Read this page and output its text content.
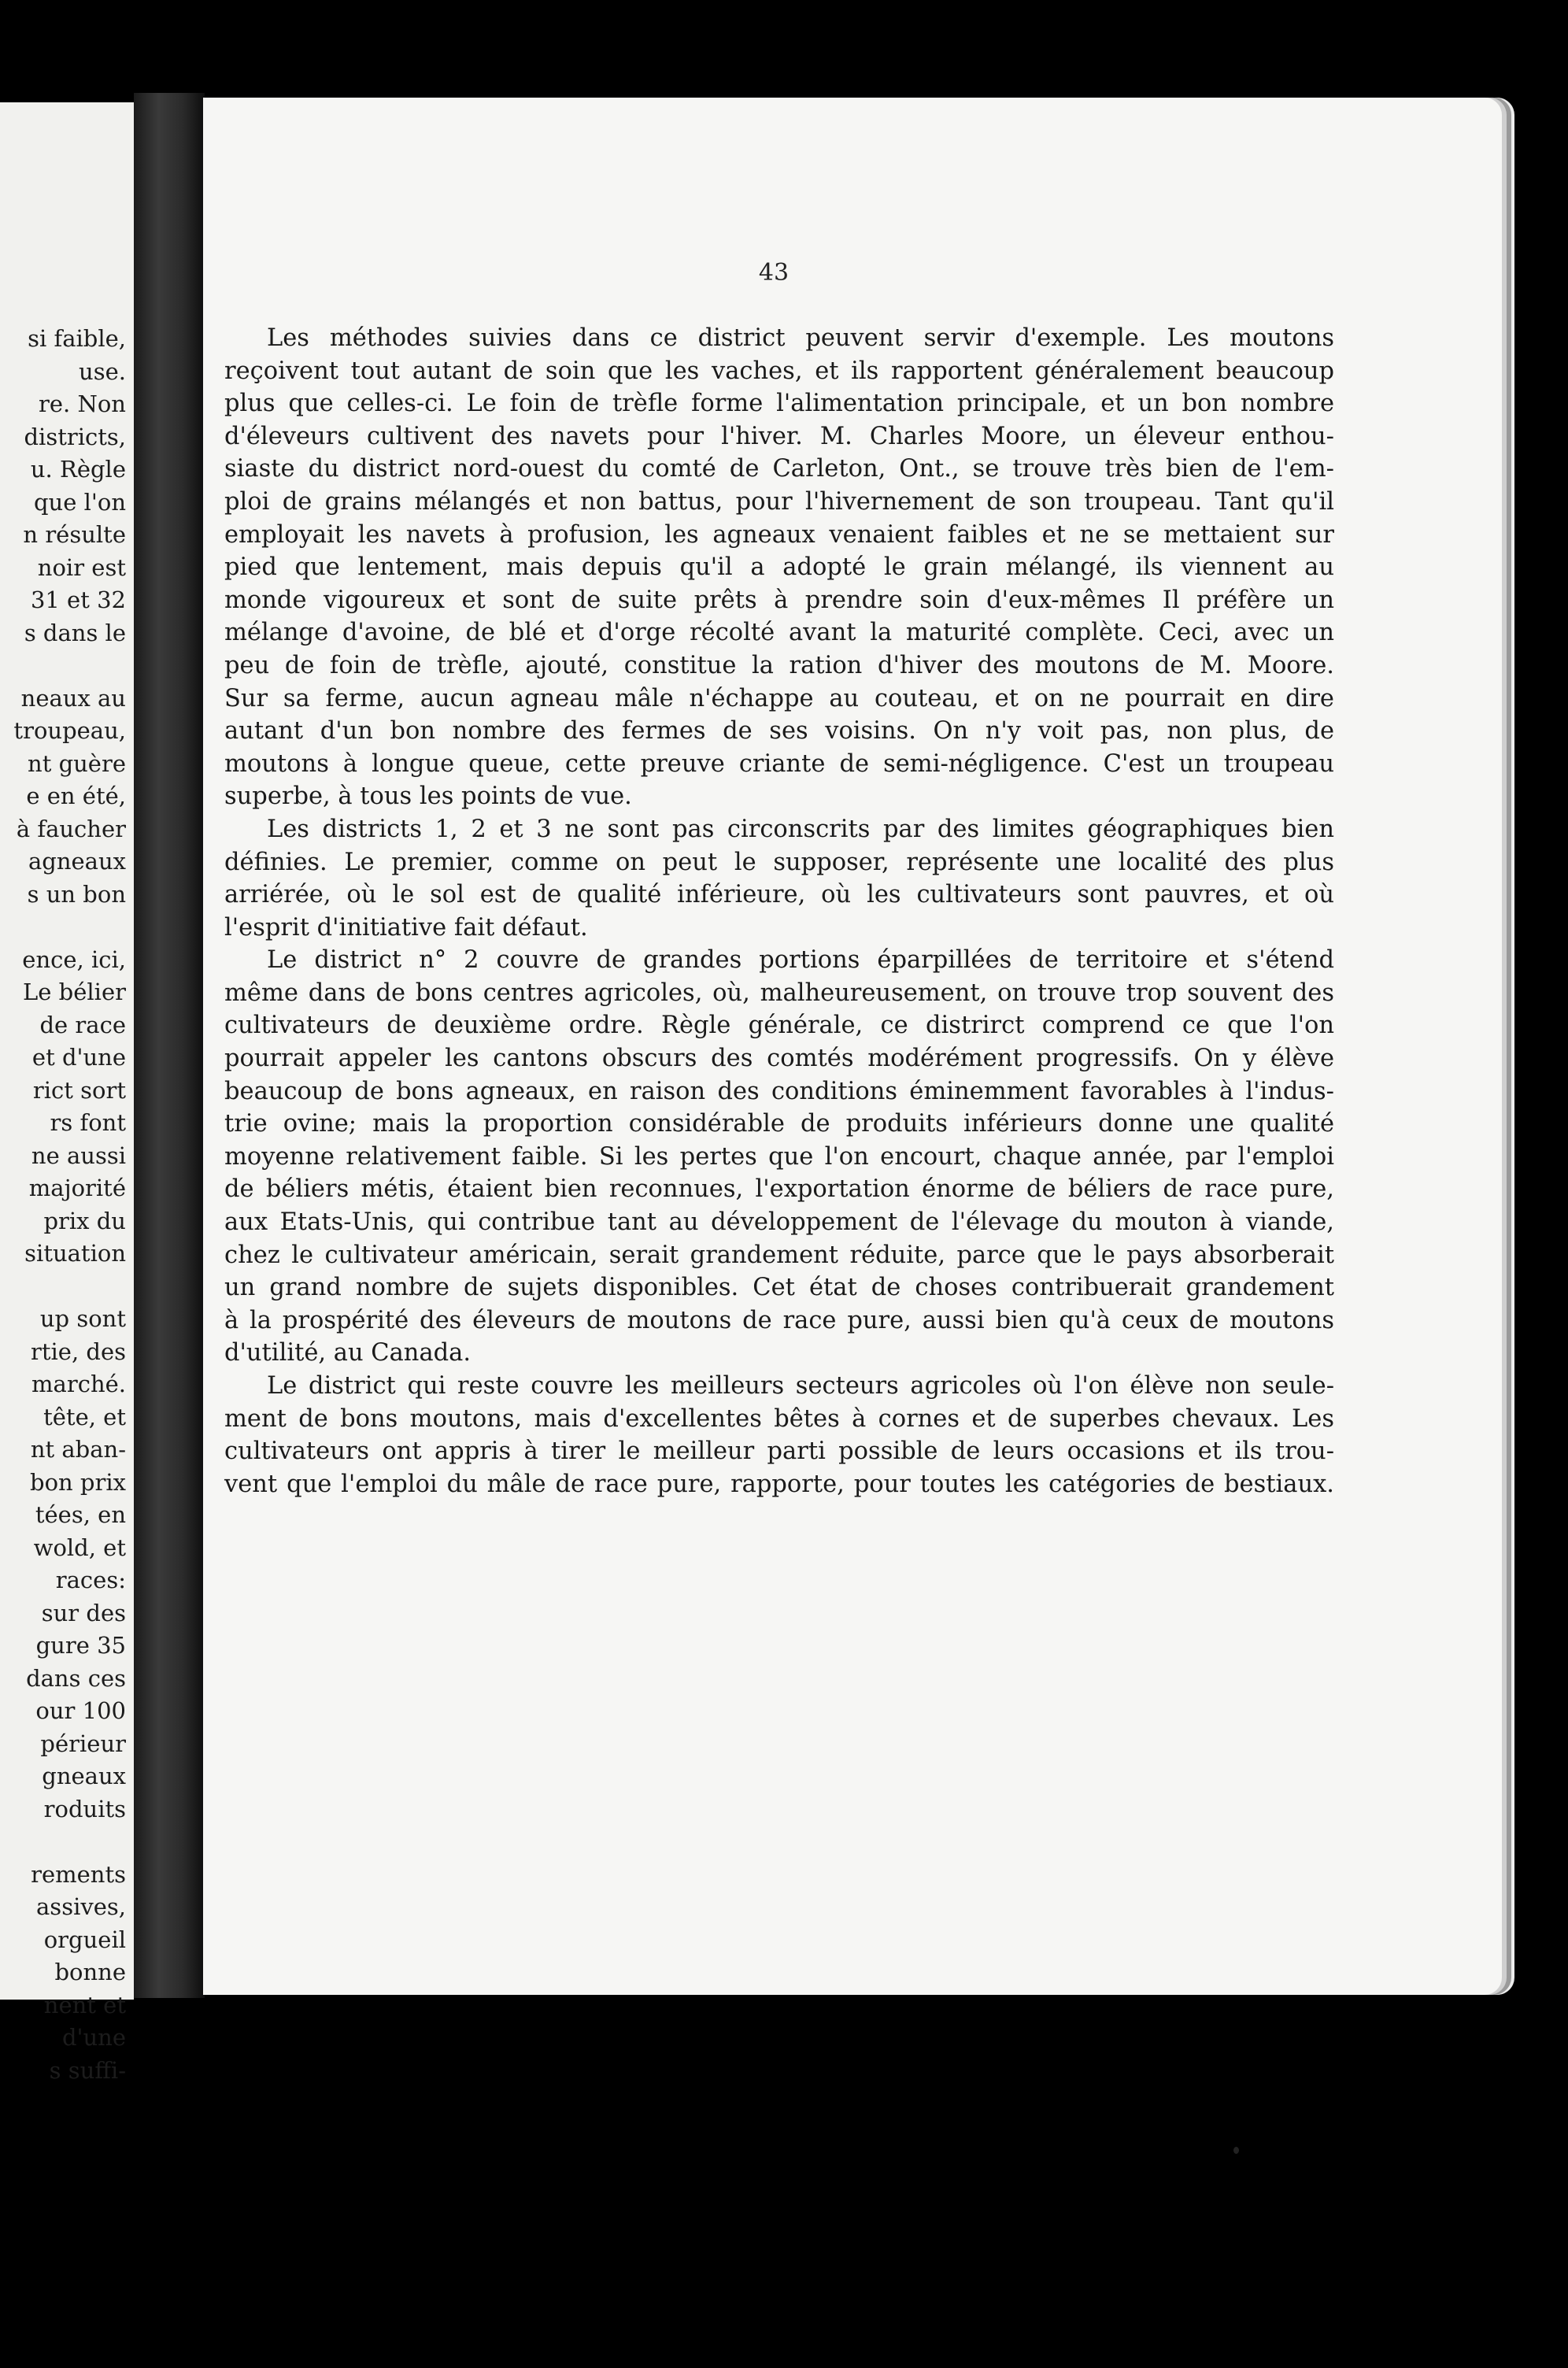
si faible,
use.
re. Non
districts,
u. Règle
que l'on
n résulte
noir est
31 et 32
s dans le
neaux au
troupeau,
nt guère
e en été,
à faucher
agneaux
s un bon
ence, ici,
Le bélier
de race
et d'une
rict sort
rs font
ne aussi
majorité
prix du
situation
up sont
rtie, des
marché.
tête, et
nt aban-
bon prix
tées, en
wold, et
races:
sur des
gure 35
dans ces
our 100
périeur
gneaux
roduits
rements
assives,
orgueil
bonne
nent et
d'une
s suffi-
43
Les méthodes suivies dans ce district peuvent servir d'exemple. Les moutons
reçoivent tout autant de soin que les vaches, et ils rapportent généralement beaucoup
plus que celles-ci. Le foin de trèfle forme l'alimentation principale, et un bon nombre
d'éleveurs cultivent des navets pour l'hiver. M. Charles Moore, un éleveur enthou-
siaste du district nord-ouest du comté de Carleton, Ont., se trouve très bien de l'em-
ploi de grains mélangés et non battus, pour l'hivernement de son troupeau. Tant qu'il
employait les navets à profusion, les agneaux venaient faibles et ne se mettaient sur
pied que lentement, mais depuis qu'il a adopté le grain mélangé, ils viennent au
monde vigoureux et sont de suite prêts à prendre soin d'eux-mêmes Il préfère un
mélange d'avoine, de blé et d'orge récolté avant la maturité complète. Ceci, avec un
peu de foin de trèfle, ajouté, constitue la ration d'hiver des moutons de M. Moore.
Sur sa ferme, aucun agneau mâle n'échappe au couteau, et on ne pourrait en dire
autant d'un bon nombre des fermes de ses voisins. On n'y voit pas, non plus, de
moutons à longue queue, cette preuve criante de semi-négligence. C'est un troupeau
superbe, à tous les points de vue.
Les districts 1, 2 et 3 ne sont pas circonscrits par des limites géographiques bien
définies. Le premier, comme on peut le supposer, représente une localité des plus
arriérée, où le sol est de qualité inférieure, où les cultivateurs sont pauvres, et où
l'esprit d'initiative fait défaut.
Le district n° 2 couvre de grandes portions éparpillées de territoire et s'étend
même dans de bons centres agricoles, où, malheureusement, on trouve trop souvent des
cultivateurs de deuxième ordre. Règle générale, ce distrirct comprend ce que l'on
pourrait appeler les cantons obscurs des comtés modérément progressifs. On y élève
beaucoup de bons agneaux, en raison des conditions éminemment favorables à l'indus-
trie ovine; mais la proportion considérable de produits inférieurs donne une qualité
moyenne relativement faible. Si les pertes que l'on encourt, chaque année, par l'emploi
de béliers métis, étaient bien reconnues, l'exportation énorme de béliers de race pure,
aux Etats-Unis, qui contribue tant au développement de l'élevage du mouton à viande,
chez le cultivateur américain, serait grandement réduite, parce que le pays absorberait
un grand nombre de sujets disponibles. Cet état de choses contribuerait grandement
à la prospérité des éleveurs de moutons de race pure, aussi bien qu'à ceux de moutons
d'utilité, au Canada.
Le district qui reste couvre les meilleurs secteurs agricoles où l'on élève non seule-
ment de bons moutons, mais d'excellentes bêtes à cornes et de superbes chevaux. Les
cultivateurs ont appris à tirer le meilleur parti possible de leurs occasions et ils trou-
vent que l'emploi du mâle de race pure, rapporte, pour toutes les catégories de bestiaux.
